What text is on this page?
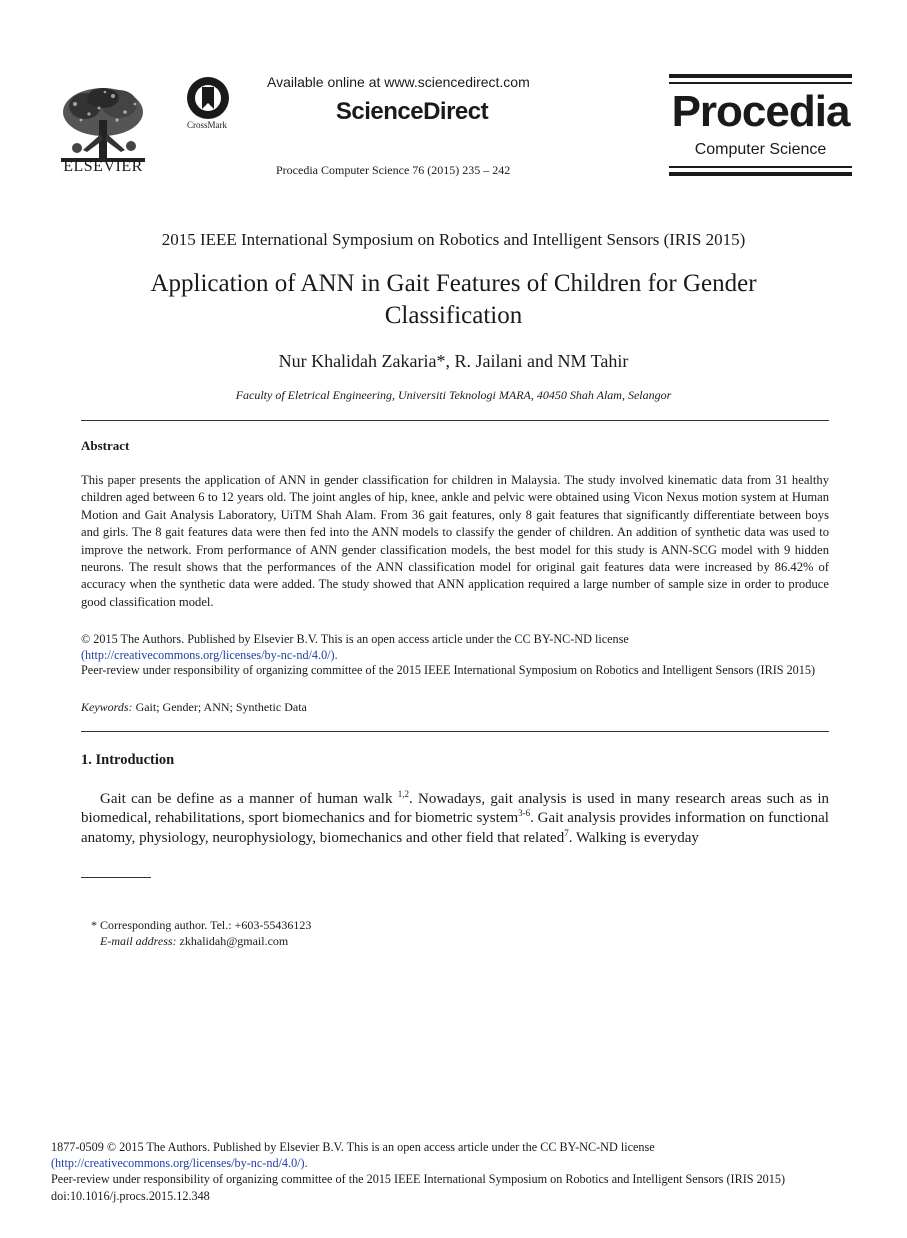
ELSEVIER
CrossMark
Available online at www.sciencedirect.com
ScienceDirect
Procedia Computer Science 76 (2015) 235 – 242
Procedia
Computer Science
2015 IEEE International Symposium on Robotics and Intelligent Sensors (IRIS 2015)
Application of ANN in Gait Features of Children for Gender
Classification
Nur Khalidah Zakaria*, R. Jailani and NM Tahir
Faculty of Eletrical Engineering, Universiti Teknologi MARA, 40450 Shah Alam, Selangor
Abstract
This paper presents the application of ANN in gender classification for children in Malaysia. The study involved kinematic data from 31 healthy children aged between 6 to 12 years old. The joint angles of hip, knee, ankle and pelvic were obtained using Vicon Nexus motion system at Human Motion and Gait Analysis Laboratory, UiTM Shah Alam. From 36 gait features, only 8 gait features that significantly differentiate between boys and girls. The 8 gait features data were then fed into the ANN models to classify the gender of children. An addition of synthetic data was used to improve the network. From performance of ANN gender classification models, the best model for this study is ANN-SCG model with 9 hidden neurons. The result shows that the performances of the ANN classification model for original gait features data were increased by 86.42% of accuracy when the synthetic data were added. The study showed that ANN application required a large number of sample size in order to produce good classification model.
© 2015 The Authors. Published by Elsevier B.V. This is an open access article under the CC BY-NC-ND license
(http://creativecommons.org/licenses/by-nc-nd/4.0/).
Peer-review under responsibility of organizing committee of the 2015 IEEE International Symposium on Robotics and Intelligent Sensors (IRIS 2015)
Keywords: Gait; Gender; ANN; Synthetic Data
1. Introduction

Gait can be define as a manner of human walk $^{1,2}$. Nowadays, gait analysis is used in many research areas such as in biomedical, rehabilitations, sport biomechanics and for biometric system$^{3-6}$. Gait analysis provides information on functional anatomy, physiology, neurophysiology, biomechanics and other field that related$^7$. Walking is everyday

* Corresponding author. Tel.: +603-55436123
E-mail address: zkhalidah@gmail.com
1877-0509 © 2015 The Authors. Published by Elsevier B.V. This is an open access article under the CC BY-NC-ND license
(http://creativecommons.org/licenses/by-nc-nd/4.0/).
Peer-review under responsibility of organizing committee of the 2015 IEEE International Symposium on Robotics and Intelligent Sensors (IRIS 2015)
doi:10.1016/j.procs.2015.12.348
